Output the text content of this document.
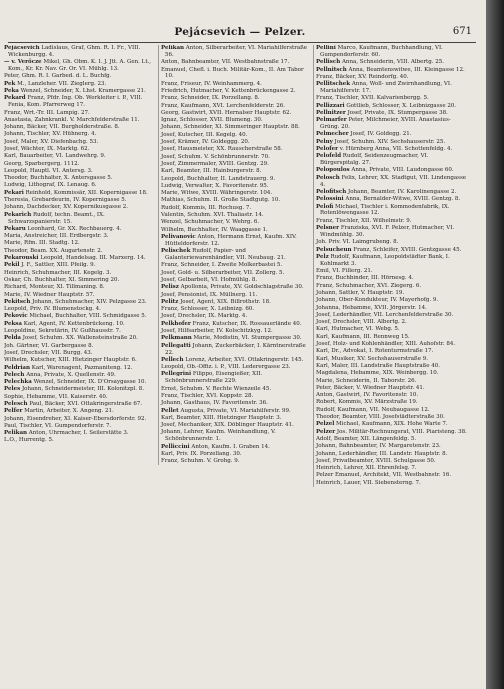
Pejácsevich — Pelzer.	671
Pejácsevich Ladislaus, Graf, Ghm. R. I. Fr., VIII. Wickenburgg. 4.
— v. Verőcze Mikel, Gh. Obm. K. I. J. Jtt. A. Gen. Lt., Kom., Kr. Kr. Nav. Gr. Or. VI. Mühlg. 13.
Peter, Ghm. R. I. Garbed. d. L. Buchfg.
Pek M., Lanzleher. VII. Zieglerg. 23.
Peka Wenzel, Schneider, X. Lhst. Kramergasse 21.
Pekard Franz, Pfdr. Ing. Ob. Werkleiter i. P., VIII. Fenia, Kom. Pfarrerweg 17.
Franz, Wrt.-Tr. III. Lampig. 27.
Anastasia, Zahnkrankl. V. Marchfelderstraße 11.
Johann, Bäcker, VII. Burgholderstraße. 8.
Johann, Tischler, XV. Hühnerg. 4.
Josef, Maler, XV. Diefenbachg. 53.
Josef, Wächter, IX. Marktg. 62.
Karl, Bauarbeiter, VI. Landwehrg. 9.
Georg, Sparbergerg. 1112.
Leopold, Hauptl. VI. Antersg. 3.
Theodor, Buchhalter, X. Antersgasse 5.
Ludwig, Lithograf, IX. Lenaug. 6.
Pekari Reinhold, Kommissär, XII. Kopernigasse 18.
Theresia, Grebardeurin, IV. Kopernigasse 5.
Johann, Dachdecker, XV. Kopernikusgasse 2.
Pekarich Rudolf, techn. Beamt., IX. Schwarzspanierstr. 15.
Pekaru Leonhard, Gr. XX. Rechbauerg. 4.
Maria, Anstreicher, III. Erdbergstr. 3.
Marie, Rfm. III. Stadtg. 12.
Theodor, Beam. XX. Augartenstr. 2.
Pekarouski Leopold, Handelsag. III. Marxerg. 14.
Pekil J. F., Sattler, XIII. Pfeilg. 9.
Heinrich, Schuhmacher, III. Kegelg. 3.
Oskar, Ch. Buchhalter, XI. Simmering 20.
Richard, Monteur, XI. Tillmaning. 8.
Marie, IV. Wiedner Hauptstr. 57.
Pekitsch Johann, Schuhmacher, XIV. Pelzgasse 23.
Leopold, Priv. IV. Blumenstockg. 4.
Pekovic Michael, Buchhalter, VIII. Schmidgasse 5.
Peksa Karl, Agent, IV. Kettenbrückeng. 10.
Leopoldine, Sekretärin, IV. Gußhausstr. 7.
Pelda Josef, Schuhm. XX. Wallensteinstraße 20.
Joh. Gärtner, VI. Garbergasse 8.
Josef, Drechsler, VII. Burgg. 43.
Wilhelm, Kutscher, XIII. Hietzinger Hauptstr. 6.
Peldrian Karl, Warenagent, Pazmaniteng. 12.
Pelech Anna, Private, X. Quellenstr. 49.
Pelechka Wenzel, Schneider, IX. D'Orsaygasse 10.
Peles Johann, Schneidermeister, III. Kolonitzpl. 8.
Sophie, Hebamme, VII. Kaiserstr. 40.
Pelesch Paul, Bäcker, XVI. Ottakringerstraße 67.
Pelfer Martin, Arbeiter, X. Angeng. 21.
Johann, Eisendreher, XI. Kaiser-Ebersdorferstr. 92.
Paul, Tischler, VI. Gumpendorferstr. 7.
Pelikan Anton, Uhrmacher, I. Seilerstätte 3.
L.O., Hurrentg. 5.
Pelikan Anton, Silberarbeiter, VI. Mariahilferstraße 56.
Anton, Bahnbeamter, VII. Westbahnstraße 17.
Emanuel, Chefl. i. Buch. Militär-Kom., II. Am Tabor 10.
Franz, Friseur, IV. Weinhammerg. 4.
Friedrich, Hutmacher, V. Kettenbrückengasse 2.
Franz, Schneider, IX. Porzellang. 8.
Franz, Kaufmann, XVI. Lerchenfelderstr. 26.
Georg, Gastwirt, XVII. Hernalser Hauptstr. 62.
Ignaz, Schlosser, XVII. Blumeng. 30.
Johann, Schneider, XI. Simmeringer Hauptstr. 88.
Josef, Kutscher, III. Kegelg. 40.
Josef, Krämer, IV. Goldeggg. 20.
Josef, Hausmeister, XX. Rauscherstraße 58.
Josef, Schuhm. V. Schönbrunnerstr. 70.
Josef, Zimmermaler, XVIII. Gentzg. 29.
Karl, Beamter, III. Hainburgerstr. 8.
Leopold, Buchhalter, II. Landstrauerg. 9.
Ludwig, Verwalter, X. Favoritenstr. 95.
Marie, Witwe, XVIII. Währingerstr. 104.
Mathias, Schuhm. II. Große Stadtgutg. 10.
Rudolf, Kommis, III. Rochusg. 7.
Valentin, Schuhm. XVI. Thaliastr. 14.
Wenzel, Schuhmacher, V. Wehrg. 6.
Wilhelm, Buchhalter, IV. Waaggasse 1.
Pelivanovic Anton, Hermann Ernst, Kaufm. XIV. Hütteldorferstr. 12.
Pelischek Rudolf, Papier- und Galanteriewarenhändler, VII. Neubaug. 21.
Franz, Schneider, I. Zweite Molkerbastei 5.
Josef, Gold- u. Silberarbeiter, VII. Zollerg. 5.
Josef, Gelbarbeit, VI. Hofmühlg. 8.
Pelisz Apollonia, Private, XV. Goldschlagstraße 30.
Josef, Pensionist, IX. Müllnerg. 11.
Pelitz Josef, Agent, XIX. Billrothstr. 18.
Franz, Schlosser, X. Leibnizg. 60.
Josef, Drechsler, IX. Marktg. 4.
Pelkhofer Franz, Kutscher, IX. Rossauerlände 40.
Josef, Hilfsarbeiter, IV. Kolschitzkyg. 12.
Pelkmann Marie, Modistin, VI. Stumpergasse 30.
Pellegatti Johann, Zuckerbäcker, I. Kärntnerstraße 22.
Pellech Lorenz, Arbeiter, XVI. Ottakringerstr. 145.
Leopold, Ob.-Offiz. i. P., VIII. Lederergasse 23.
Pellegrini Filippo, Eisengießer, XII. Schönbrunnerstraße 229.
Ernst, Schuhm. V. Rechte Wienzeile 45.
Franz, Tischler, XVI. Koppstr. 28.
Johann, Gasthaus, IV. Favoritenstr. 36.
Pellet Augusta, Private, VI. Mariahilferstr. 99.
Karl, Beamter, XIII. Hietzinger Hauptstr. 3.
Josef, Mechaniker, XIX. Döblinger Hauptstr. 41.
Johann, Lehrer, Kaufm. Weinhandlung, V. Schönbrunnerstr. 1.
Pelliccini Anton, Kaufm. I. Graben 14.
Karl, Priv. IX. Porzellang. 30.
Franz, Schuhm. V. Grohg. 9.
Pellini Marco, Kaufmann, Buchhandlung, VI. Gumpendorferstr. 60.
Pellisch Anna, Schneiderin, VIII. Albertg. 25.
Pellnitsch Anna, Beamtenswitwe, III. Kleingasse 12.
Franz, Bäcker, XV. Reindorfg. 40.
Pellitschek Anna, Woll- und Zwirnhandlung, VI. Mariahilferstr. 17.
Franz, Tischler, XVII. Kalvarienbergg. 5.
Pellizzari Gottlieb, Schlosser, X. Leibnizgasse 20.
Pellnitzer Josef, Private, IX. Stumpergasse 38.
Pelmarfer Peter, Milchmeier, XVIII. Anastasius-Grüng. 20.
Pelmecher Josef, IV. Goldegg. 21.
Pelny Josef, Schuhm. XIV. Sechshauserstr. 25.
Pelofer v. Hürnberg Anna, VII. Schottenfeldg. 4.
Pelofeld Rudolf, Seidenzeugmacher, VI. Bürgerspitalg. 27.
Pelopoulos Anna, Private, VIII. Laudongasse 60.
Pelosch Felix, Lehrer, XX. Stadtgut, VII. Lindengasse 4.
Pelofitsch Johann, Beamter, IV. Karolinengasse 2.
Pelossini Anna, Bernalder-Witwe, XVIII. Gentzg. 8.
Pelofi Michael, Tischler i. Kommodenfabrik, IX. Rotenlöwengasse 12.
Franz, Tischler, XII. Wilhelmstr. 9.
Pelsner Franziska, XVI. F. Pelzer, Hutmacher, VI. Windmühlg. 30.
Joh. Priv. VI. Laimgrubeng. 8.
Pelsucheun Franz, Schleifer, XVIII. Gentzgasse 45.
Pelz Rudolf, Kaufmann, Leopoldstädter Bank, I. Kohlmarkt 3.
Emil, VI. Fillerg. 21.
Franz, Buchbinder, III. Hörnesg. 4.
Franz, Schuhmacher, XVI. Ziegerg. 6.
Johann, Sattler, V. Hauptstr. 19.
Johann, Ober-Kondukteur, IV. Mayerhofg. 9.
Johanna, Hebamme, XVII. Jörgerstr. 14.
Josef, Lederhändler, VII. Lerchenfelderstraße 30.
Josef, Drechsler, VIII. Albertg. 2.
Karl, Hutmacher, VI. Webg. 5.
Karl, Kaufmann, III. Rennweg 15.
Josef, Holz- und Kohlenhändler, XIII. Auhofstr. 84.
Karl, Dr., Advokat, I. Rotenturmstraße 17.
Karl, Musiker, XV. Sechshauserstraße 9.
Karl, Maler, III. Landstraße Hauptstraße 40.
Magdalena, Hebamme, XIX. Weinbergg. 10.
Marie, Schneiderin, II. Taborstr. 26.
Peter, Bäcker, V. Wiedner Hauptstr. 41.
Anton, Gastwirt, IV. Favoritenstr. 10.
Robert, Kommis, XV. Märzstraße 19.
Rudolf, Kaufmann, VII. Neubaugasse 12.
Theodor, Beamter, VIII. Josefstädterstraße 30.
Pelzel Michael, Kaufmann, XIX. Hohe Warte 7.
Pelzer Jos. Militär-Rechnungsrat, VIII. Piaristeng. 38.
Adolf, Beamter, XII. Längenfeldg. 5.
Johann, Bahnbeamter, IV. Margaretenstr. 23.
Johann, Lederhändler, III. Landstr. Hauptstr. 8.
Josef, Privatbeamter, XVIII. Schulgasse 50.
Heinrich, Lehrer, XII. Ehrenfelsg. 7.
Pelzer Emanuel, Architekt, VII. Westbahnstr. 16.
Heinrich, Lauer, VII. Siebensterng. 7.
